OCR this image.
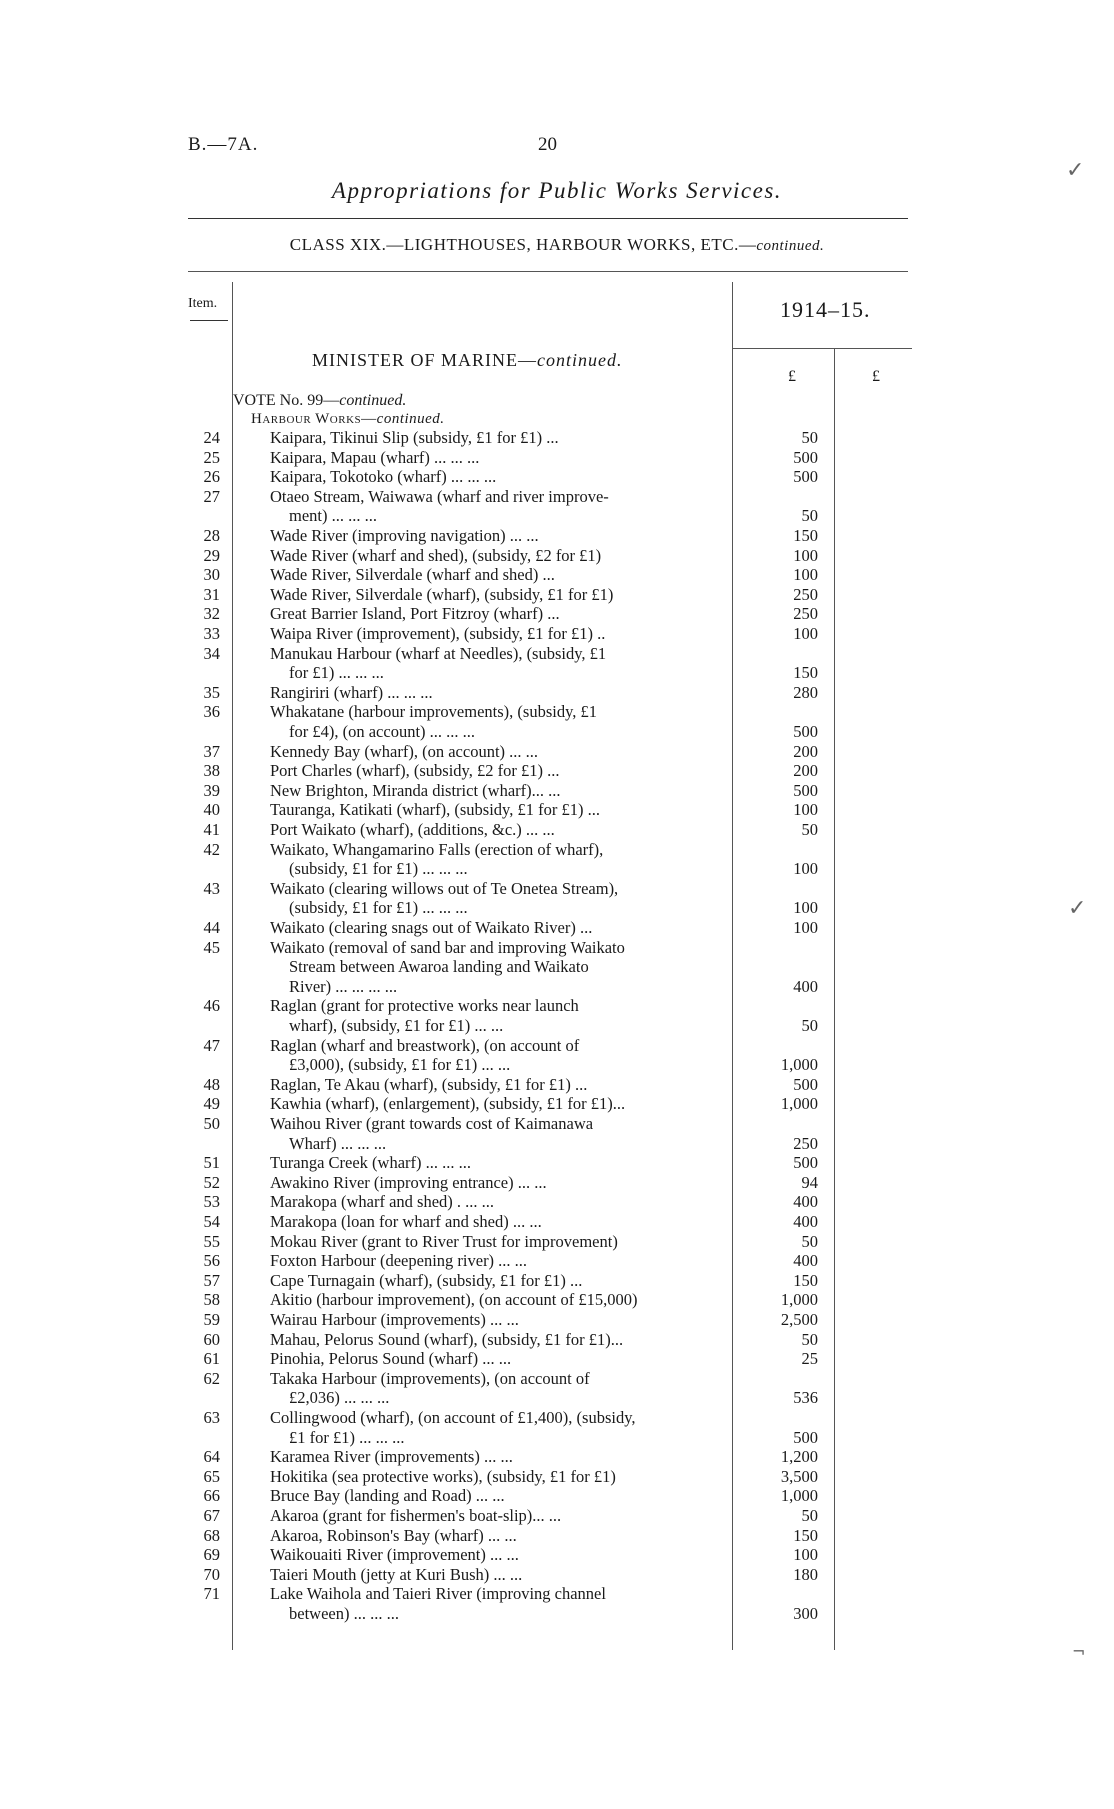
B.—7A.	20
Appropriations for Public Works Services.
CLASS XIX.—LIGHTHOUSES, HARBOUR WORKS, ETC.—continued.
Item.	1914–15.
£	£
MINISTER OF MARINE—continued.
VOTE No. 99—continued.
Harbour Works—continued.
24	Kaipara, Tikinui Slip (subsidy, £1 for £1) ...	50
25	Kaipara, Mapau (wharf) ... ... ...	500
26	Kaipara, Tokotoko (wharf) ... ... ...	500
27	Otaeo Stream, Waiwawa (wharf and river improve-
ment) ... ... ...	50
28	Wade River (improving navigation) ... ...	150
29	Wade River (wharf and shed), (subsidy, £2 for £1)	100
30	Wade River, Silverdale (wharf and shed) ...	100
31	Wade River, Silverdale (wharf), (subsidy, £1 for £1)	250
32	Great Barrier Island, Port Fitzroy (wharf) ...	250
33	Waipa River (improvement), (subsidy, £1 for £1) ..	100
34	Manukau Harbour (wharf at Needles), (subsidy, £1
for £1) ... ... ...	150
35	Rangiriri (wharf) ... ... ...	280
36	Whakatane (harbour improvements), (subsidy, £1
for £4), (on account) ... ... ...	500
37	Kennedy Bay (wharf), (on account) ... ...	200
38	Port Charles (wharf), (subsidy, £2 for £1) ...	200
39	New Brighton, Miranda district (wharf)... ...	500
40	Tauranga, Katikati (wharf), (subsidy, £1 for £1) ...	100
41	Port Waikato (wharf), (additions, &c.) ... ...	50
42	Waikato, Whangamarino Falls (erection of wharf),
(subsidy, £1 for £1) ... ... ...	100
43	Waikato (clearing willows out of Te Onetea Stream),
(subsidy, £1 for £1) ... ... ...	100
44	Waikato (clearing snags out of Waikato River) ...	100
45	Waikato (removal of sand bar and improving Waikato
Stream between Awaroa landing and Waikato
River) ... ... ... ...	400
46	Raglan (grant for protective works near launch
wharf), (subsidy, £1 for £1) ... ...	50
47	Raglan (wharf and breastwork), (on account of
£3,000), (subsidy, £1 for £1) ... ...	1,000
48	Raglan, Te Akau (wharf), (subsidy, £1 for £1) ...	500
49	Kawhia (wharf), (enlargement), (subsidy, £1 for £1)...	1,000
50	Waihou River (grant towards cost of Kaimanawa
Wharf) ... ... ...	250
51	Turanga Creek (wharf) ... ... ...	500
52	Awakino River (improving entrance) ... ...	94
53	Marakopa (wharf and shed) . ... ...	400
54	Marakopa (loan for wharf and shed) ... ...	400
55	Mokau River (grant to River Trust for improvement)	50
56	Foxton Harbour (deepening river) ... ...	400
57	Cape Turnagain (wharf), (subsidy, £1 for £1) ...	150
58	Akitio (harbour improvement), (on account of £15,000)	1,000
59	Wairau Harbour (improvements) ... ...	2,500
60	Mahau, Pelorus Sound (wharf), (subsidy, £1 for £1)...	50
61	Pinohia, Pelorus Sound (wharf) ... ...	25
62	Takaka Harbour (improvements), (on account of
£2,036) ... ... ...	536
63	Collingwood (wharf), (on account of £1,400), (subsidy,
£1 for £1) ... ... ...	500
64	Karamea River (improvements) ... ...	1,200
65	Hokitika (sea protective works), (subsidy, £1 for £1)	3,500
66	Bruce Bay (landing and Road) ... ...	1,000
67	Akaroa (grant for fishermen's boat-slip)... ...	50
68	Akaroa, Robinson's Bay (wharf) ... ...	150
69	Waikouaiti River (improvement) ... ...	100
70	Taieri Mouth (jetty at Kuri Bush) ... ...	180
71	Lake Waihola and Taieri River (improving channel
between) ... ... ...	300
✓
✓
¬
